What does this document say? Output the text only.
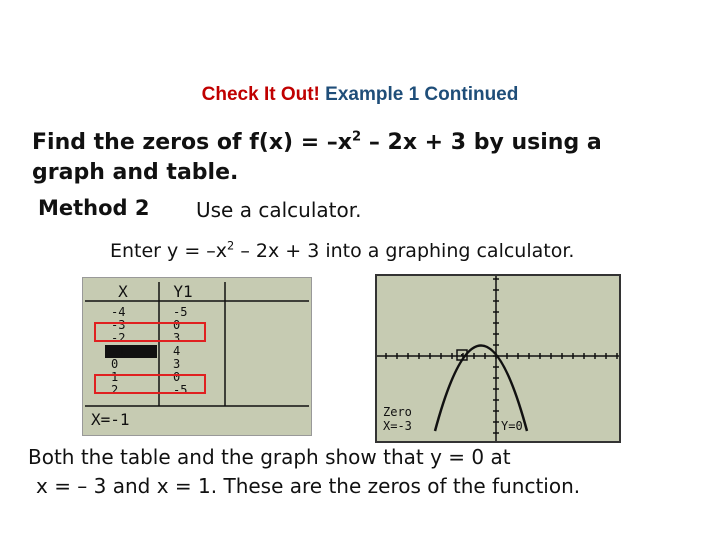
Check It Out! Example 1 Continued
Find the zeros of $f(x) = -x^2 - 2x + 3$ by using a
graph and table.
Method 2 Use a calculator.
Enter $y = -x^2 - 2x + 3$ into a graphing calculator.
X	Y1
-4	-5
-3	0
-2	3
-1	4
0	3
1	0
2	-5
X=-1	Zero
X=-3	Y=0
Both the table and the graph show that y = 0 at
x = – 3 and x = 1. These are the zeros of the function.
